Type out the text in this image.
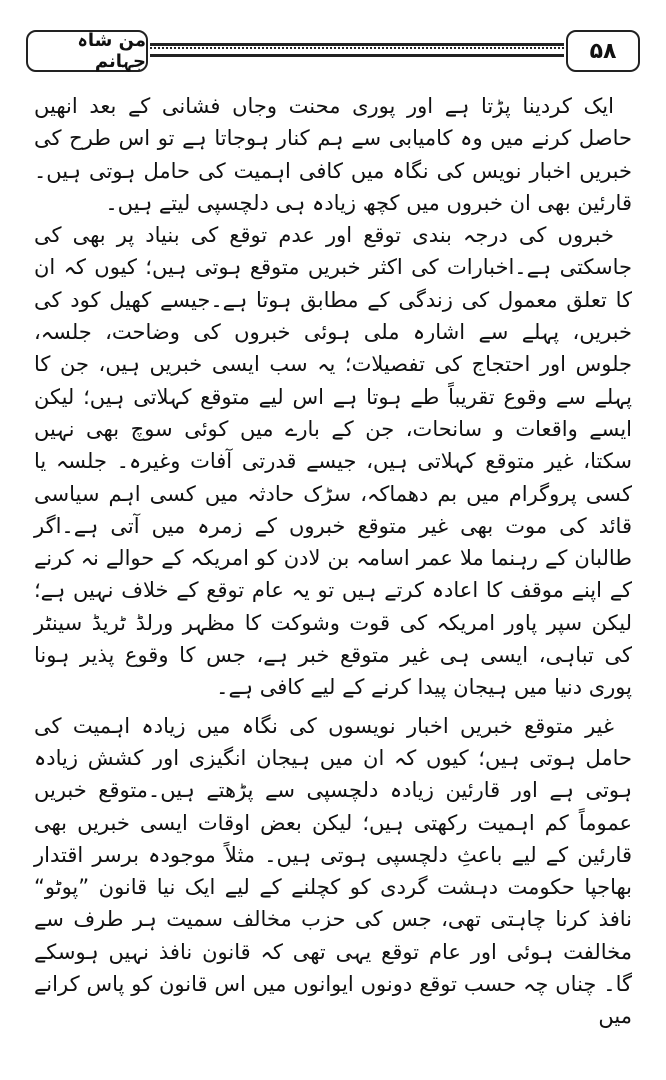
من شاہ جہانم	۵۸

ایک کردینا پڑتا ہے اور پوری محنت وجاں فشانی کے بعد انھیں حاصل کرنے میں وہ کامیابی سے ہم کنار ہوجاتا ہے تو اس طرح کی خبریں اخبار نویس کی نگاہ میں کافی اہمیت کی حامل ہوتی ہیں۔قارئین بھی ان خبروں میں کچھ زیادہ ہی دلچسپی لیتے ہیں۔

خبروں کی درجہ بندی توقع اور عدم توقع کی بنیاد پر بھی کی جاسکتی ہے۔اخبارات کی اکثر خبریں متوقع ہوتی ہیں؛ کیوں کہ ان کا تعلق معمول کی زندگی کے مطابق ہوتا ہے۔جیسے کھیل کود کی خبریں، پہلے سے اشارہ ملی ہوئی خبروں کی وضاحت، جلسہ، جلوس اور احتجاج کی تفصیلات؛ یہ سب ایسی خبریں ہیں، جن کا پہلے سے وقوع تقریباً طے ہوتا ہے اس لیے متوقع کہلاتی ہیں؛ لیکن ایسے واقعات و سانحات، جن کے بارے میں کوئی سوچ بھی نہیں سکتا، غیر متوقع کہلاتی ہیں، جیسے قدرتی آفات وغیرہ۔ جلسہ یا کسی پروگرام میں بم دھماکہ، سڑک حادثہ میں کسی اہم سیاسی قائد کی موت بھی غیر متوقع خبروں کے زمرہ میں آتی ہے۔اگر طالبان کے رہنما ملا عمر اسامہ بن لادن کو امریکہ کے حوالے نہ کرنے کے اپنے موقف کا اعادہ کرتے ہیں تو یہ عام توقع کے خلاف نہیں ہے؛ لیکن سپر پاور امریکہ کی قوت وشوکت کا مظہر ورلڈ ٹریڈ سینٹر کی تباہی، ایسی ہی غیر متوقع خبر ہے، جس کا وقوع پذیر ہونا پوری دنیا میں ہیجان پیدا کرنے کے لیے کافی ہے۔

غیر متوقع خبریں اخبار نویسوں کی نگاہ میں زیادہ اہمیت کی حامل ہوتی ہیں؛ کیوں کہ ان میں ہیجان انگیزی اور کشش زیادہ ہوتی ہے اور قارئین زیادہ دلچسپی سے پڑھتے ہیں۔متوقع خبریں عموماً کم اہمیت رکھتی ہیں؛ لیکن بعض اوقات ایسی خبریں بھی قارئین کے لیے باعثِ دلچسپی ہوتی ہیں۔ مثلاً موجودہ برسر اقتدار بھاجپا حکومت دہشت گردی کو کچلنے کے لیے ایک نیا قانون ”پوٹو“ نافذ کرنا چاہتی تھی، جس کی حزب مخالف سمیت ہر طرف سے مخالفت ہوئی اور عام توقع یہی تھی کہ قانون نافذ نہیں ہوسکے گا۔ چناں چہ حسب توقع دونوں ایوانوں میں اس قانون کو پاس کرانے میں
